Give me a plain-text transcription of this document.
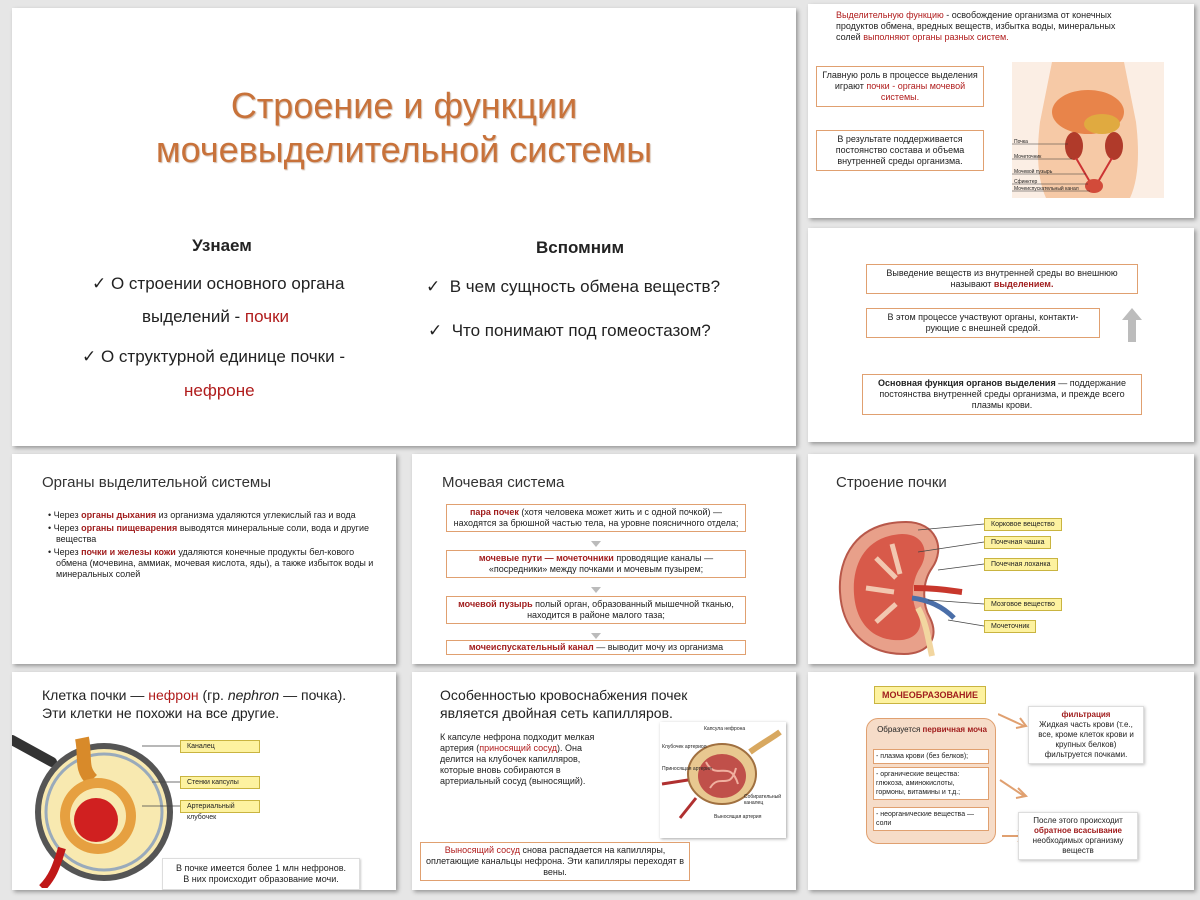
Строение и функции
мочевыделительной системы
Узнаем
✓ О строении основного органа
выделений - почки
✓ О структурной единице почки -
нефроне
Вспомним
✓ В чем сущность обмена веществ?
✓ Что понимают под гомеостазом?
Выделительную функцию - освобождение организма от конечных
продуктов обмена, вредных веществ, избытка воды, минеральных
солей выполняют органы разных систем.
Главную роль в процессе выделения
играют почки - органы мочевой системы.
В результате поддерживается постоянство состава и объема внутренней среды организма.
Почка
Мочеточник
Мочевой пузырь
Сфинктер
Мочеиспускательный канал
Выведение веществ из внутренней среды во внешнюю
называют выделением.
В этом процессе участвуют органы, контакти-рующие с внешней средой.
Основная функция органов выделения — поддержание постоянства внутренней среды организма, и прежде всего плазмы крови.
Органы выделительной системы
• Через органы дыхания из организма удаляются углекислый газ и вода
• Через органы пищеварения выводятся минеральные соли, вода и другие вещества
• Через почки и железы кожи удаляются конечные продукты бел-кового обмена (мочевина, аммиак, мочевая кислота, яды), а также избыток воды и минеральных солей
Мочевая система
пара почек (хотя человека может жить и с одной почкой) — находятся за брюшной частью тела, на уровне поясничного отдела;
мочевые пути — мочеточники проводящие каналы — «посредники» между почками и мочевым пузырем;
мочевой пузырь полый орган, образованный мышечной тканью, находится в районе малого таза;
мочеиспускательный канал — выводит мочу из организма
Строение почки
Корковое вещество
Почечная чашка
Почечная лоханка
Мозговое вещество
Мочеточник
Клетка почки — нефрон (гр. nephron — почка).
Эти клетки не похожи на все другие.
Каналец
Стенки капсулы
Артериальный клубочек
В почке имеется более 1 млн нефронов.
В них происходит образование мочи.
Особенностью кровоснабжения почек
является двойная сеть капилляров.
К капсуле нефрона подходит мелкая артерия (приносящий сосуд). Она делится на клубочек капилляров, которые вновь собираются в артериальный сосуд (выносящий).
Капсула нефрона
Клубочек артериол
Приносящая артерия
Собирательный каналец
Выносящая артерия
Выносящий сосуд снова распадается на капилляры, оплетающие канальцы нефрона. Эти капилляры переходят в вены.
МОЧЕОБРАЗОВАНИЕ
Образуется первичная моча
- плазма крови (без белков);
- органические вещества: глюкоза, аминокислоты, гормоны, витамины и т.д.;
- неорганические вещества — соли
фильтрация
Жидкая часть крови (т.е., все, кроме клеток крови и крупных белков) фильтруется почками.
После этого происходит обратное всасывание необходимых организму веществ
